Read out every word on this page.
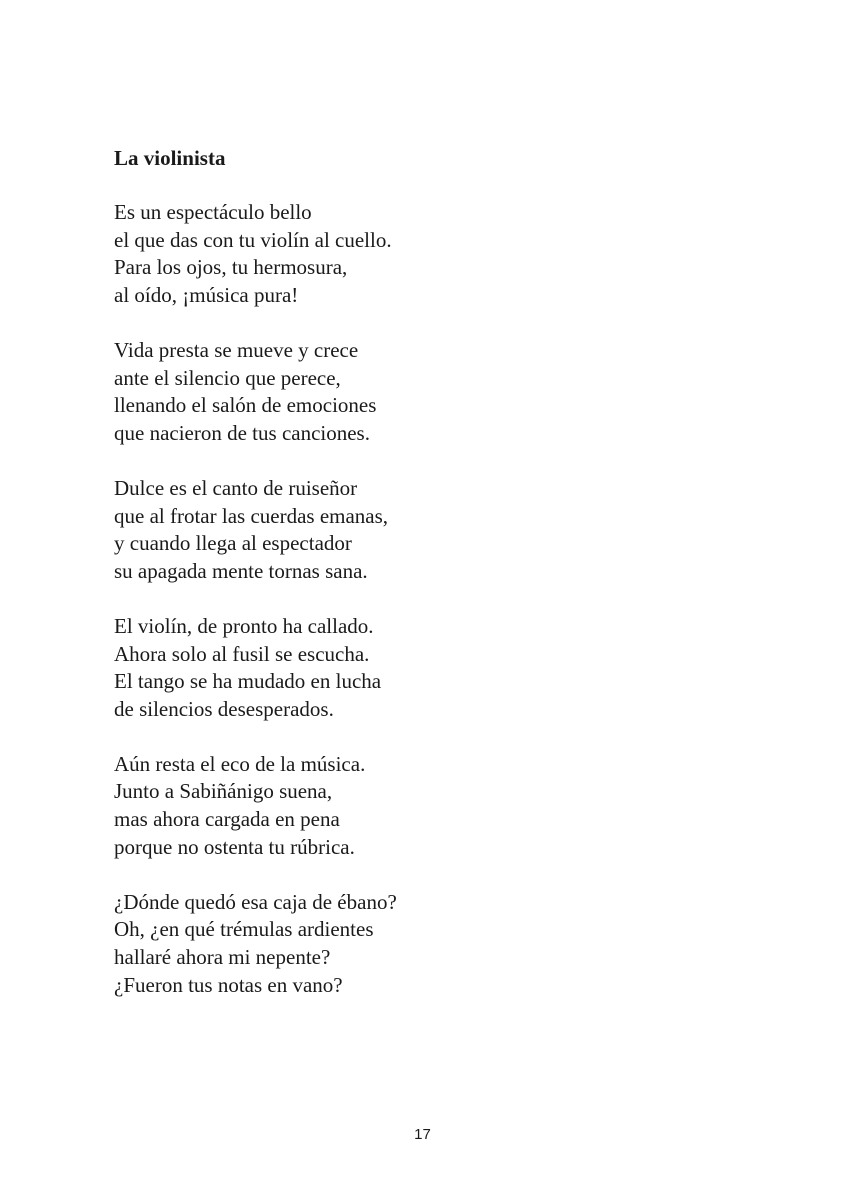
La violinista
Es un espectáculo bello
el que das con tu violín al cuello.
Para los ojos, tu hermosura,
al oído, ¡música pura!
Vida presta se mueve y crece
ante el silencio que perece,
llenando el salón de emociones
que nacieron de tus canciones.
Dulce es el canto de ruiseñor
que al frotar las cuerdas emanas,
y cuando llega al espectador
su apagada mente tornas sana.
El violín, de pronto ha callado.
Ahora solo al fusil se escucha.
El tango se ha mudado en lucha
de silencios desesperados.
Aún resta el eco de la música.
Junto a Sabiñánigo suena,
mas ahora cargada en pena
porque no ostenta tu rúbrica.
¿Dónde quedó esa caja de ébano?
Oh, ¿en qué trémulas ardientes
hallaré ahora mi nepente?
¿Fueron tus notas en vano?
17
